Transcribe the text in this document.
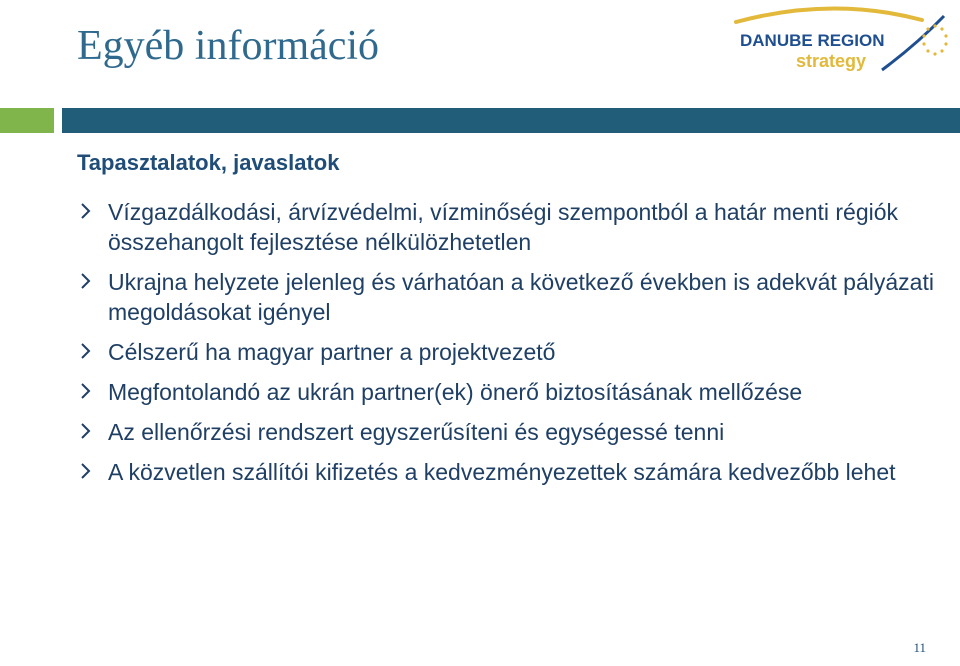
Egyéb információ	DANUBE REGION
strategy
Tapasztalatok, javaslatok
Vízgazdálkodási, árvízvédelmi, vízminőségi szempontból a határ menti régiók összehangolt fejlesztése nélkülözhetetlen
Ukrajna helyzete jelenleg és várhatóan a következő években is adekvát pályázati megoldásokat igényel
Célszerű ha magyar partner a projektvezető
Megfontolandó az ukrán partner(ek) önerő biztosításának mellőzése
Az ellenőrzési rendszert egyszerűsíteni és egységessé tenni
A közvetlen szállítói kifizetés a kedvezményezettek számára kedvezőbb lehet
11
